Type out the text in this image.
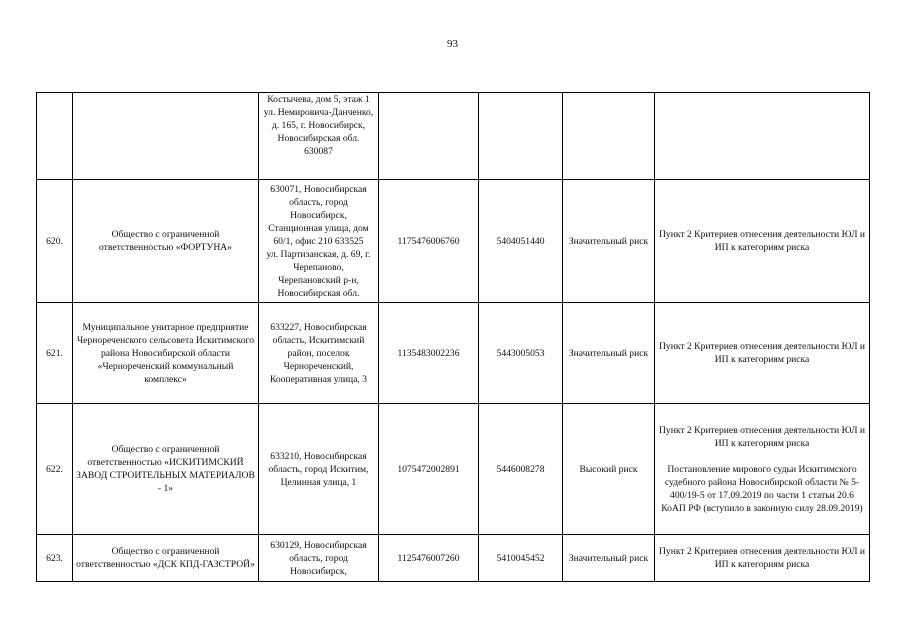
93

		Костычева, дом 5, этаж 1
ул. Немировича-Данченко, д. 165, г. Новосибирск, Новосибирская обл. 630087				

620.	Общество с ограниченной ответственностью «ФОРТУНА»	630071, Новосибирская область, город Новосибирск, Станционная улица, дом 60/1, офис 210 633525
ул. Партизанская, д. 69, г. Черепаново, Черепановский р-н, Новосибирская обл.	1175476006760	5404051440	Значительный риск	Пункт 2 Критериев отнесения деятельности ЮЛ и ИП к категориям риска

621.	Муниципальное унитарное предприятие Чернореченского сельсовета Искитимского района Новосибирской области «Чернореченский коммунальный комплекс»	633227, Новосибирская область, Искитимский район, поселок Чернореченский, Кооперативная улица, 3	1135483002236	5443005053	Значительный риск	Пункт 2 Критериев отнесения деятельности ЮЛ и ИП к категориям риска

622.	Общество с ограниченной ответственностью «ИСКИТИМСКИЙ ЗАВОД СТРОИТЕЛЬНЫХ МАТЕРИАЛОВ - 1»	633210, Новосибирская область, город Искитим, Целинная улица, 1	1075472002891	5446008278	Высокий риск	Пункт 2 Критериев отнесения деятельности ЮЛ и ИП к категориям риска
Постановление мирового судьи Искитимского судебного района Новосибирской области № 5-400/19-5 от 17.09.2019 по части 1 статьи 20.6 КоАП РФ (вступило в законную силу 28.09.2019)

623.	Общество с ограниченной ответственностью «ДСК КПД-ГАЗСТРОЙ»	630129, Новосибирская область, город Новосибирск,	1125476007260	5410045452	Значительный риск	Пункт 2 Критериев отнесения деятельности ЮЛ и ИП к категориям риска
